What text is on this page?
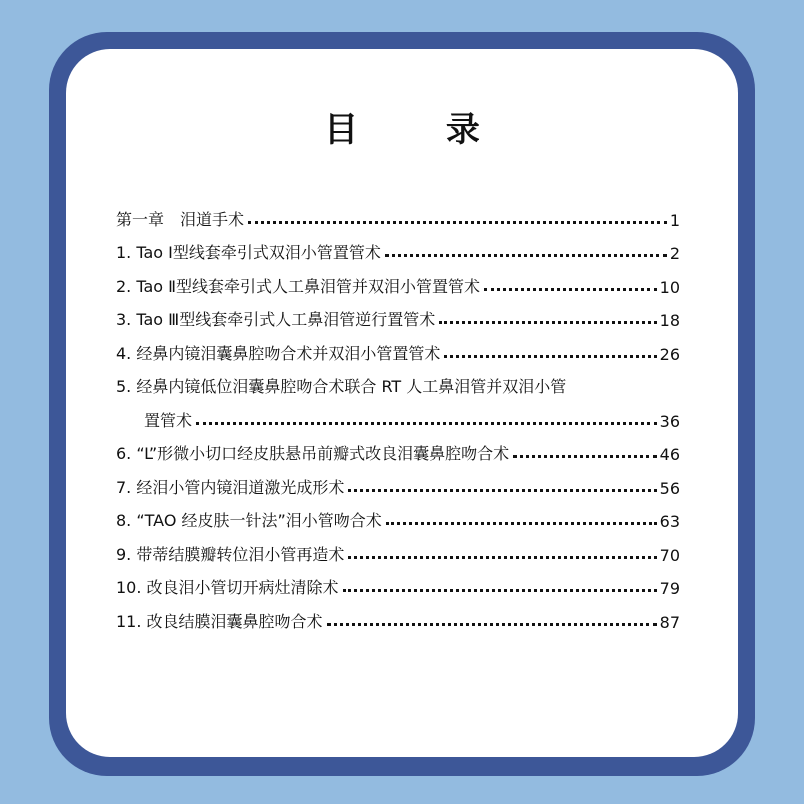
目 录
第一章　泪道手术	1
1. Tao Ⅰ型线套牵引式双泪小管置管术	2
2. Tao Ⅱ型线套牵引式人工鼻泪管并双泪小管置管术	10
3. Tao Ⅲ型线套牵引式人工鼻泪管逆行置管术	18
4. 经鼻内镜泪囊鼻腔吻合术并双泪小管置管术	26
5. 经鼻内镜低位泪囊鼻腔吻合术联合 RT 人工鼻泪管并双泪小管
置管术	36
6. “L”形微小切口经皮肤悬吊前瓣式改良泪囊鼻腔吻合术	46
7. 经泪小管内镜泪道激光成形术	56
8. “TAO 经皮肤一针法”泪小管吻合术	63
9. 带蒂结膜瓣转位泪小管再造术	70
10. 改良泪小管切开病灶清除术	79
11. 改良结膜泪囊鼻腔吻合术	87
